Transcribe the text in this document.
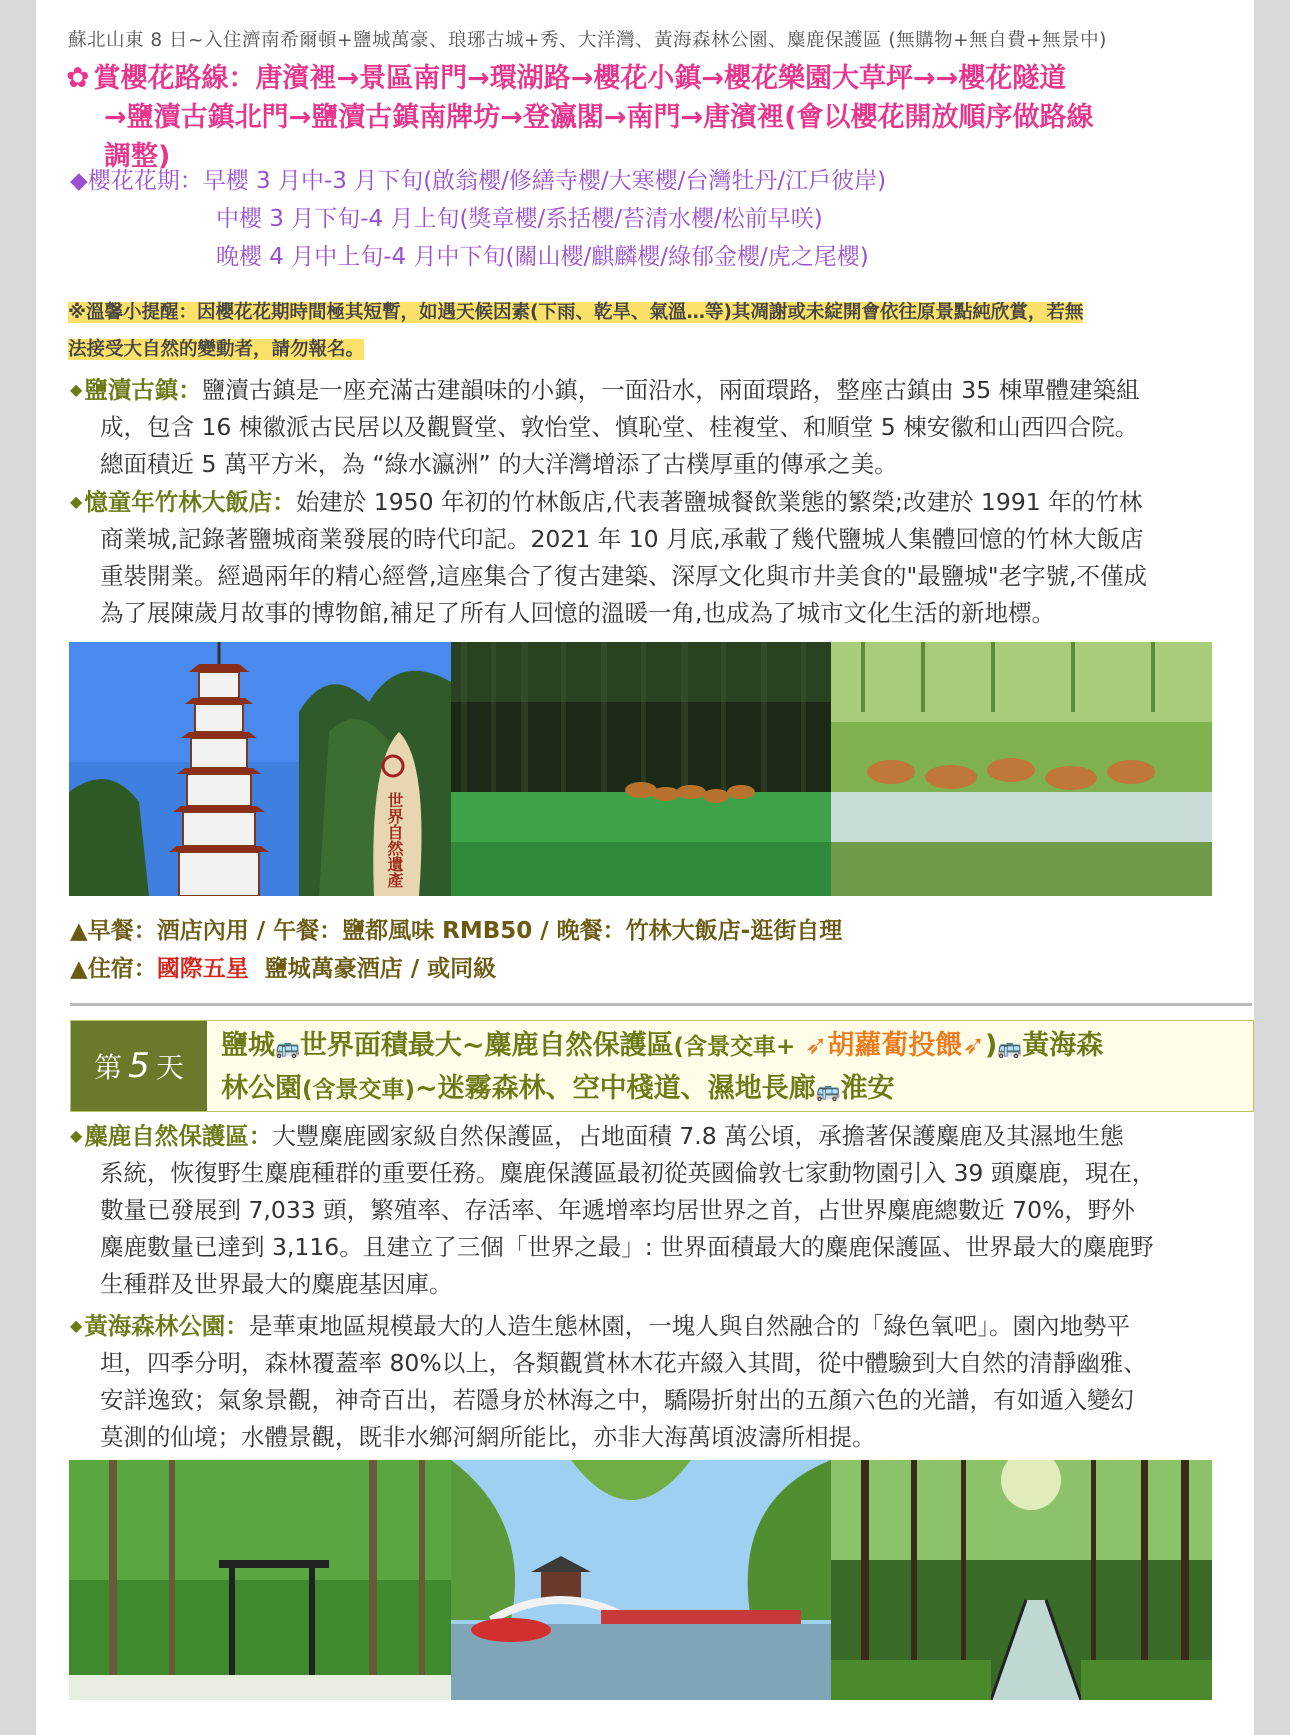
蘇北山東 8 日~入住濟南希爾頓+鹽城萬豪、琅琊古城+秀、大洋灣、黃海森林公園、麋鹿保護區 (無購物+無自費+無景中)
✿ 賞櫻花路線：唐濱裡→景區南門→環湖路→櫻花小鎮→櫻花樂園大草坪→→櫻花隧道
→鹽瀆古鎮北門→鹽瀆古鎮南牌坊→登瀛閣→南門→唐濱裡(會以櫻花開放順序做路線
調整)
◆櫻花花期：早櫻 3 月中-3 月下旬(啟翁櫻/修繕寺櫻/大寒櫻/台灣牡丹/江戶彼岸)
中櫻 3 月下旬-4 月上旬(獎章櫻/系括櫻/苔清水櫻/松前早咲)
晚櫻 4 月中上旬-4 月中下旬(關山櫻/麒麟櫻/綠郁金櫻/虎之尾櫻)
※溫馨小提醒：因櫻花花期時間極其短暫，如遇天候因素(下雨、乾旱、氣溫…等)其凋謝或未綻開會依往原景點純欣賞，若無
法接受大自然的變動者，請勿報名。
◆鹽瀆古鎮：鹽瀆古鎮是一座充滿古建韻味的小鎮，一面沿水，兩面環路，整座古鎮由 35 棟單體建築組
成，包含 16 棟徽派古民居以及觀賢堂、敦怡堂、慎恥堂、桂複堂、和順堂 5 棟安徽和山西四合院。
總面積近 5 萬平方米，為 “綠水瀛洲” 的大洋灣增添了古樸厚重的傳承之美。
◆憶童年竹林大飯店：始建於 1950 年初的竹林飯店,代表著鹽城餐飲業態的繁榮;改建於 1991 年的竹林
商業城,記錄著鹽城商業發展的時代印記。2021 年 10 月底,承載了幾代鹽城人集體回憶的竹林大飯店
重裝開業。經過兩年的精心經營,這座集合了復古建築、深厚文化與市井美食的"最鹽城"老字號,不僅成
為了展陳歲月故事的博物館,補足了所有人回憶的溫暖一角,也成為了城市文化生活的新地標。
世界自然遺產
▲早餐：酒店內用 / 午餐：鹽都風味 RMB50 / 晚餐：竹林大飯店-逛街自理
▲住宿：國際五星 鹽城萬豪酒店 / 或同級
第 5 天
鹽城🚌世界面積最大~麋鹿自然保護區(含景交車+ ➶胡蘿蔔投餵➶)🚌黃海森
林公園(含景交車)~迷霧森林、空中棧道、濕地長廊🚌淮安
◆麋鹿自然保護區：大豐麋鹿國家級自然保護區，占地面積 7.8 萬公頃，承擔著保護麋鹿及其濕地生態
系統，恢復野生麋鹿種群的重要任務。麋鹿保護區最初從英國倫敦七家動物園引入 39 頭麋鹿，現在，
數量已發展到 7,033 頭，繁殖率、存活率、年遞增率均居世界之首，占世界麋鹿總數近 70%，野外
麋鹿數量已達到 3,116。且建立了三個「世界之最」: 世界面積最大的麋鹿保護區、世界最大的麋鹿野
生種群及世界最大的麋鹿基因庫。
◆黃海森林公園：是華東地區規模最大的人造生態林園，一塊人與自然融合的「綠色氧吧」。園內地勢平
坦，四季分明，森林覆蓋率 80%以上，各類觀賞林木花卉綴入其間，從中體驗到大自然的清靜幽雅、
安詳逸致；氣象景觀，神奇百出，若隱身於林海之中，驕陽折射出的五顏六色的光譜，有如遁入變幻
莫測的仙境；水體景觀，既非水鄉河網所能比，亦非大海萬頃波濤所相提。
